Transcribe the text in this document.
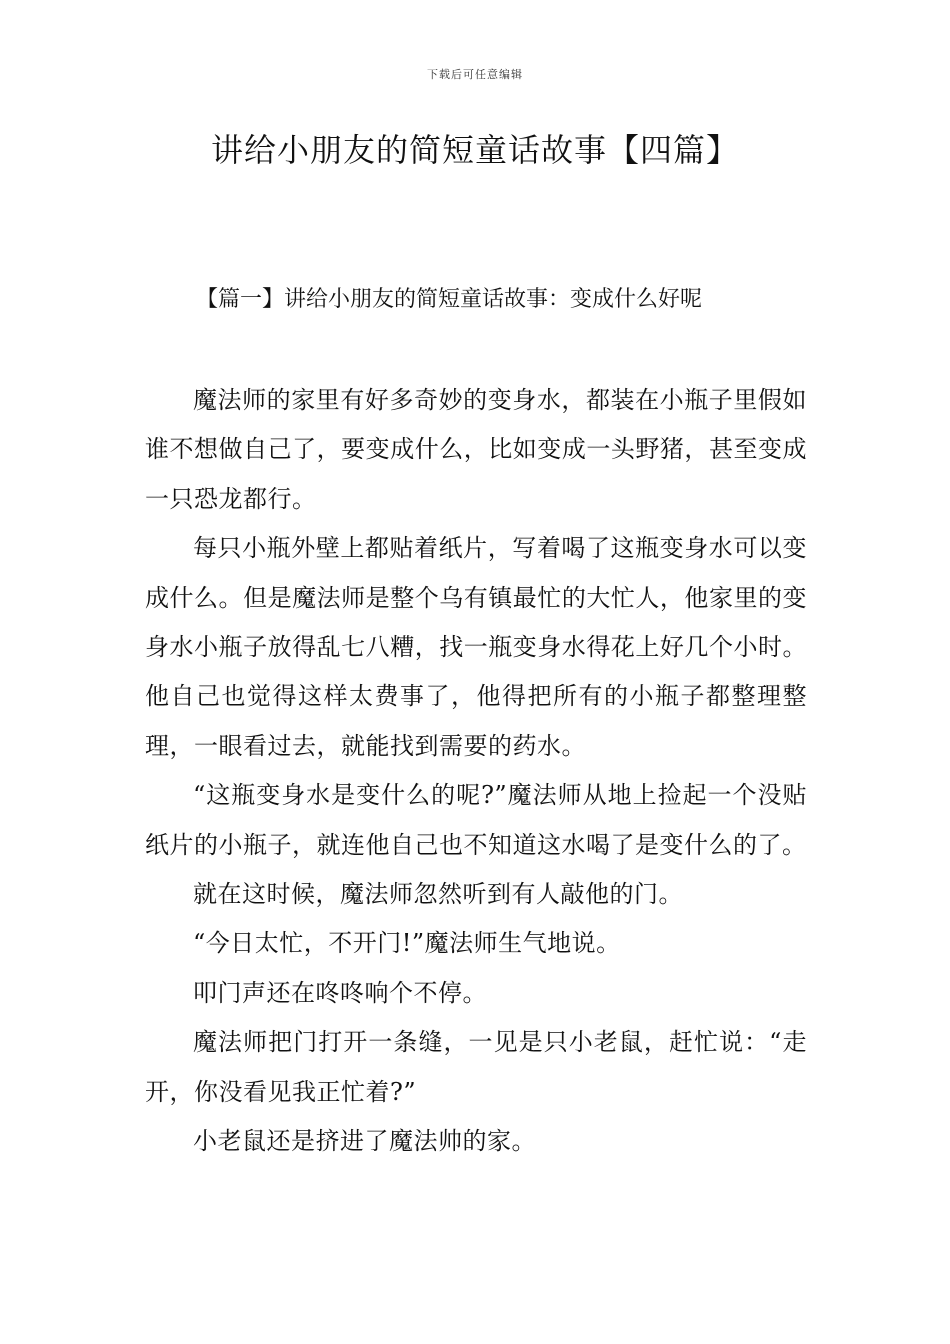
下载后可任意编辑
讲给小朋友的简短童话故事【四篇】
【篇一】讲给小朋友的简短童话故事：变成什么好呢

魔法师的家里有好多奇妙的变身水，都装在小瓶子里假如谁不想做自己了，要变成什么，比如变成一头野猪，甚至变成一只恐龙都行。

每只小瓶外壁上都贴着纸片，写着喝了这瓶变身水可以变成什么。但是魔法师是整个乌有镇最忙的大忙人，他家里的变身水小瓶子放得乱七八糟，找一瓶变身水得花上好几个小时。他自己也觉得这样太费事了，他得把所有的小瓶子都整理整理，一眼看过去，就能找到需要的药水。

“这瓶变身水是变什么的呢?”魔法师从地上捡起一个没贴纸片的小瓶子，就连他自己也不知道这水喝了是变什么的了。

就在这时候，魔法师忽然听到有人敲他的门。

“今日太忙，不开门!”魔法师生气地说。

叩门声还在咚咚响个不停。

魔法师把门打开一条缝，一见是只小老鼠，赶忙说：“走开，你没看见我正忙着?”

小老鼠还是挤进了魔法帅的家。
